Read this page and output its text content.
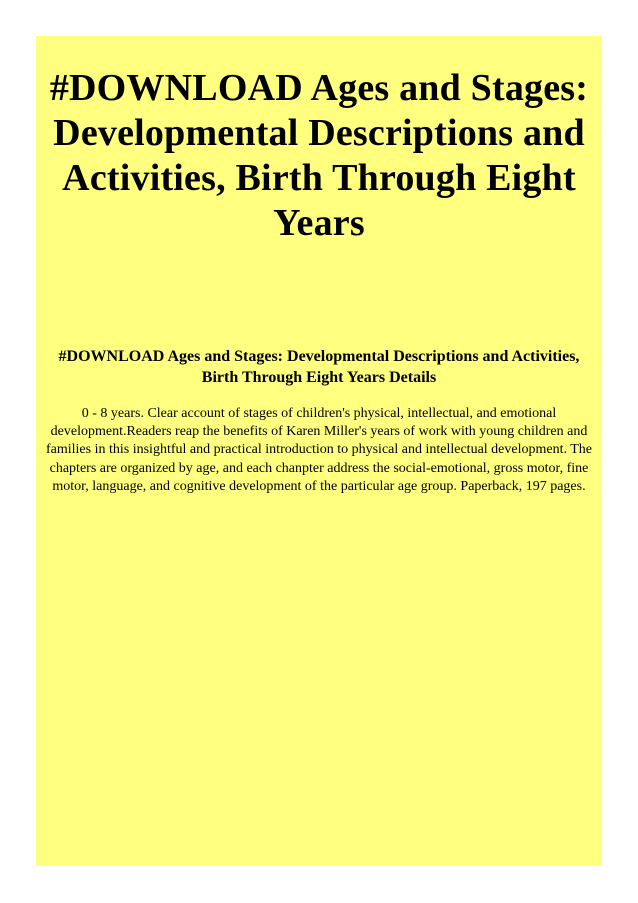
#DOWNLOAD Ages and Stages: Developmental Descriptions and Activities, Birth Through Eight Years
#DOWNLOAD Ages and Stages: Developmental Descriptions and Activities, Birth Through Eight Years Details

0 - 8 years. Clear account of stages of children's physical, intellectual, and emotional development.Readers reap the benefits of Karen Miller's years of work with young children and families in this insightful and practical introduction to physical and intellectual development. The chapters are organized by age, and each chanpter address the social-emotional, gross motor, fine motor, language, and cognitive development of the particular age group. Paperback, 197 pages.
